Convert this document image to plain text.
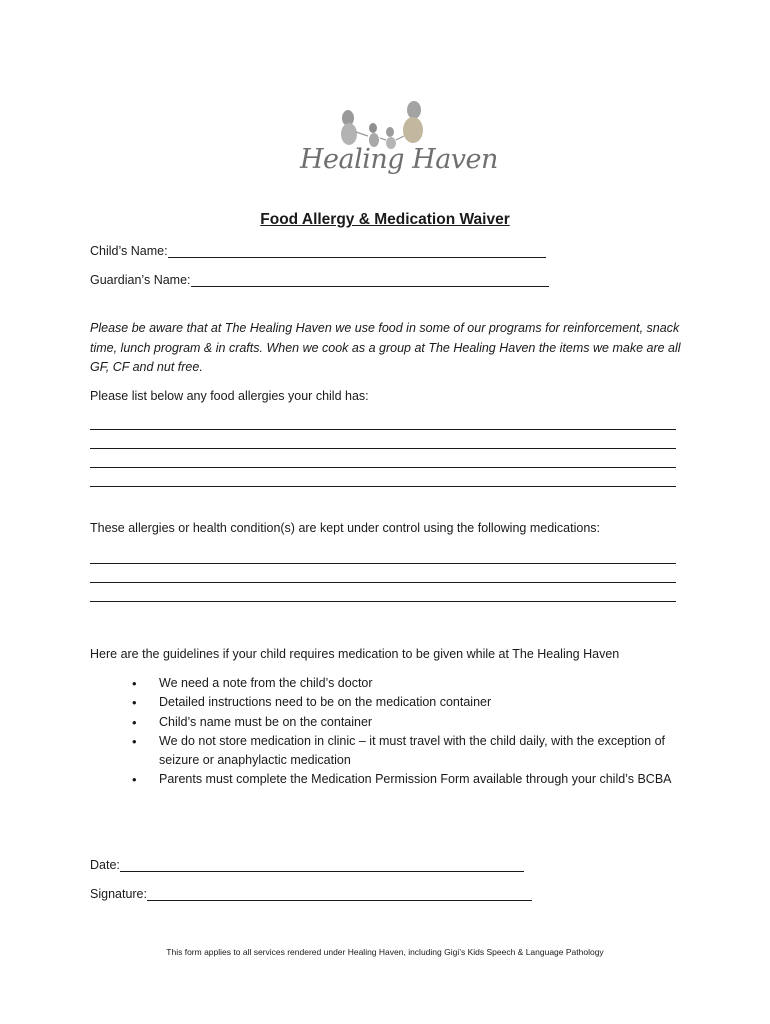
Healing Haven
Food Allergy & Medication Waiver
Child’s Name:
Guardian’s Name:
Please be aware that at The Healing Haven we use food in some of our programs for reinforcement, snack time, lunch program & in crafts. When we cook as a group at The Healing Haven the items we make are all GF, CF and nut free.
Please list below any food allergies your child has:
These allergies or health condition(s) are kept under control using the following medications:
Here are the guidelines if your child requires medication to be given while at The Healing Haven
• We need a note from the child’s doctor
• Detailed instructions need to be on the medication container
• Child’s name must be on the container
• We do not store medication in clinic – it must travel with the child daily, with the exception of seizure or anaphylactic medication
• Parents must complete the Medication Permission Form available through your child’s BCBA
Date:
Signature:
This form applies to all services rendered under Healing Haven, including Gigi’s Kids Speech & Language Pathology
